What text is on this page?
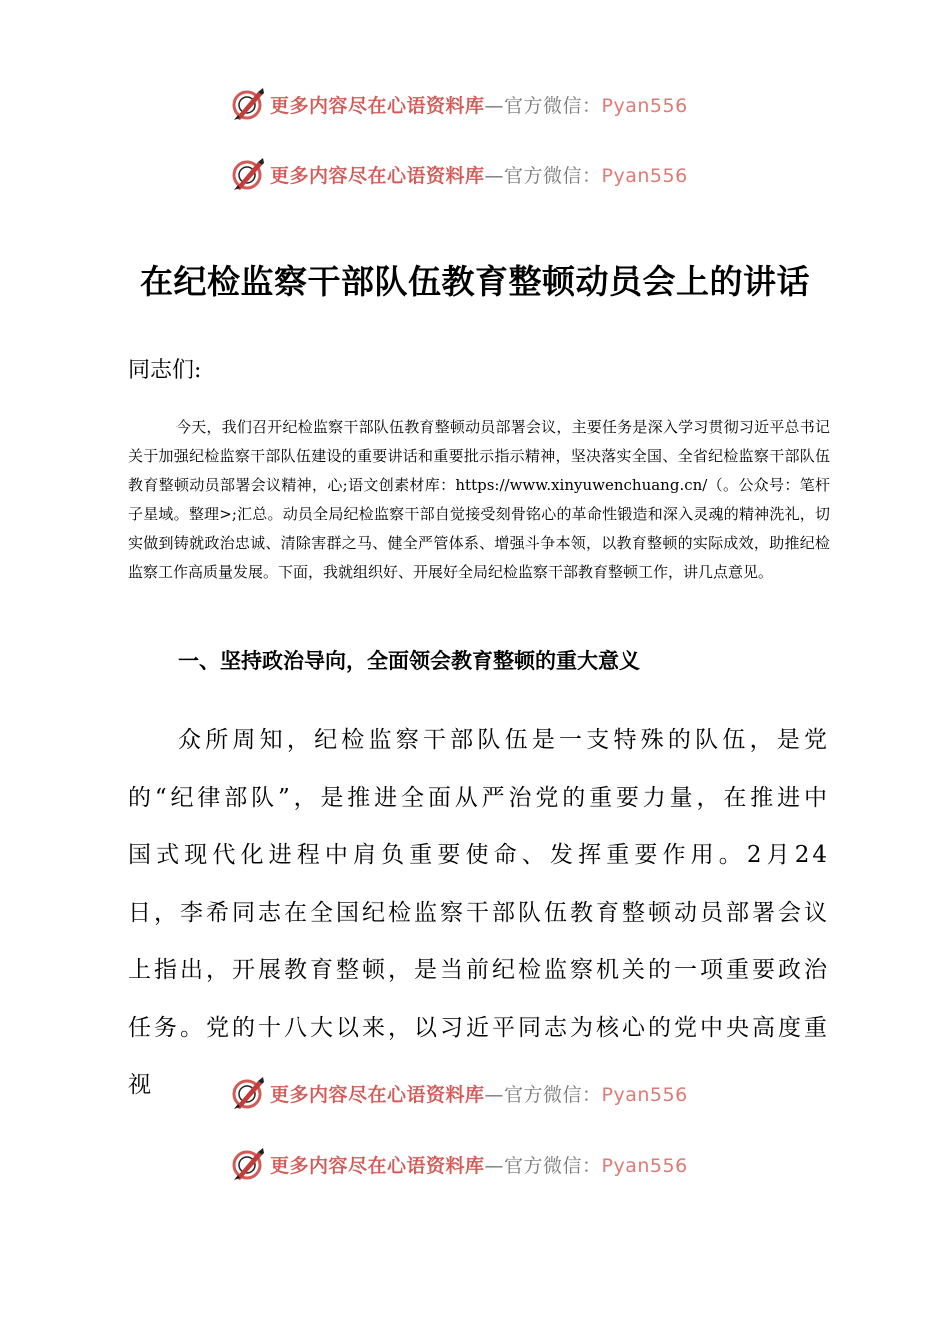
更多内容尽在心语资料库—官方微信：Pyan556
更多内容尽在心语资料库—官方微信：Pyan556
在纪检监察干部队伍教育整顿动员会上的讲话

同志们:

今天，我们召开纪检监察干部队伍教育整顿动员部署会议，主要任务是深入学习贯彻习近平总书记关于加强纪检监察干部队伍建设的重要讲话和重要批示指示精神，坚决落实全国、全省纪检监察干部队伍教育整顿动员部署会议精神，心;语文创素材库：https://www.xinyuwenchuang.cn/（。公众号：笔杆子星域。整理>;汇总。动员全局纪检监察干部自觉接受刻骨铭心的革命性锻造和深入灵魂的精神洗礼，切实做到铸就政治忠诚、清除害群之马、健全严管体系、增强斗争本领，以教育整顿的实际成效，助推纪检监察工作高质量发展。下面，我就组织好、开展好全局纪检监察干部教育整顿工作，讲几点意见。

一、坚持政治导向，全面领会教育整顿的重大意义

众所周知，纪检监察干部队伍是一支特殊的队伍，是党的“纪律部队”，是推进全面从严治党的重要力量，在推进中国式现代化进程中肩负重要使命、发挥重要作用。2月24日，李希同志在全国纪检监察干部队伍教育整顿动员部署会议上指出，开展教育整顿，是当前纪检监察机关的一项重要政治任务。党的十八大以来，以习近平同志为核心的党中央高度重视	更多内容尽在心语资料库—官方微信：Pyan556
更多内容尽在心语资料库—官方微信：Pyan556
